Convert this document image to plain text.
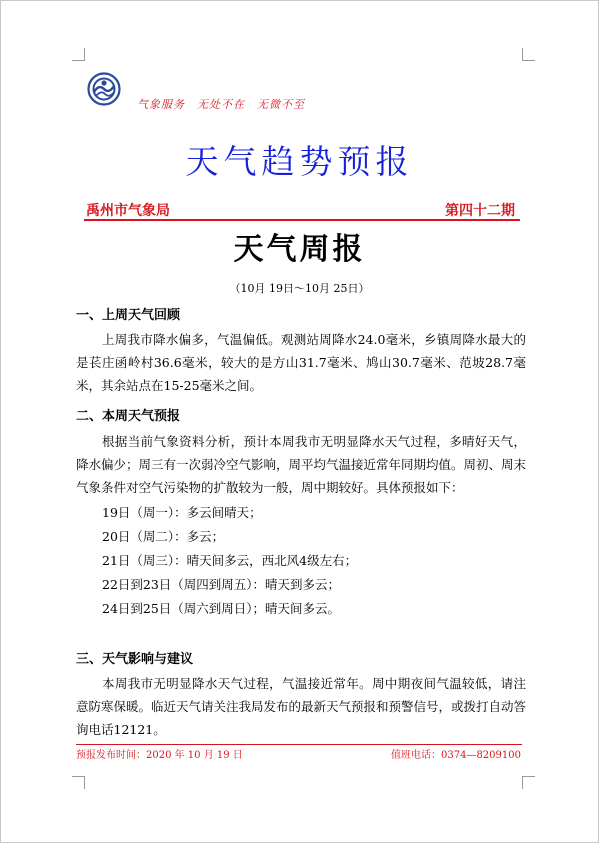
气象服务　无处不在　无微不至
天气趋势预报
禹州市气象局	第四十二期
天气周报
（10月 19日～10月 25日）
一、上周天气回顾
上周我市降水偏多，气温偏低。观测站周降水24.0毫米，乡镇周降水最大的是苌庄函岭村36.6毫米，较大的是方山31.7毫米、鸠山30.7毫米、范坡28.7毫米，其余站点在15-25毫米之间。
二、本周天气预报
根据当前气象资料分析，预计本周我市无明显降水天气过程，多晴好天气，降水偏少；周三有一次弱冷空气影响，周平均气温接近常年同期均值。周初、周末气象条件对空气污染物的扩散较为一般，周中期较好。具体预报如下：
19日（周一）：多云间晴天；
20日（周二）：多云；
21日（周三）：晴天间多云，西北风4级左右；
22日到23日（周四到周五）：晴天到多云；
24日到25日（周六到周日）；晴天间多云。
三、天气影响与建议
本周我市无明显降水天气过程，气温接近常年。周中期夜间气温较低，请注意防寒保暖。临近天气请关注我局发布的最新天气预报和预警信号，或拨打自动答询电话12121。
预报发布时间：2020 年 10 月 19 日	值班电话：0374—8209100
